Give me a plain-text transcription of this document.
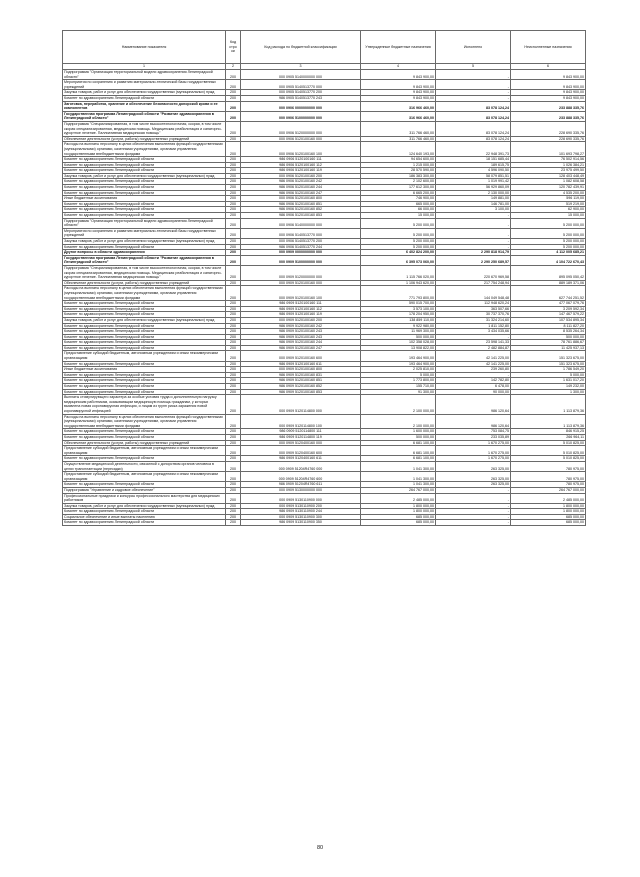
Наименование показателя	Код стро ки	Код расхода по бюджетной классификации	Утвержденные бюджетные назначения	Исполнено	Неисполненные назначения
1	2	3	4	5	6
Подпрограмма "Организация территориальной модели здравоохранения Ленинградской области"	200	000 0905 5140000000 000	9 843 900,00	-	9 843 900,00
Мероприятия по сохранению и развитию материально-технической базы государственных учреждений	200	000 0905 5140513770 000	9 843 900,00	-	9 843 900,00
Закупка товаров, работ и услуг для обеспечения государственных (муниципальных) нужд	200	000 0905 5140513770 200	9 843 900,00	-	9 843 900,00
Комитет по здравоохранению Ленинградской области	200	986 0905 5140513770 243	9 843 900,00	-	9 843 900,00
Заготовка, переработка, хранение и обеспечение безопасности донорской крови и ее компонентов	200	000 0906 0000000000 000	316 966 460,00	83 078 124,24	233 888 335,76
Государственная программа Ленинградской области "Развитие здравоохранения в Ленинградской области"	200	000 0906 5100000000 000	316 966 460,00	83 078 124,24	233 888 335,76
Подпрограмма "Специализированная, в том числе высокотехнологичная, скорая, в том числе скорая специализированная, медицинская помощь. Медицинская реабилитация и санаторно-курортное лечение. Паллиативная медицинская помощь"	200	000 0906 5120000000 000	311 766 460,00	83 078 124,24	228 690 335,76
Обеспечение деятельности (услуги, работы) государственных учреждений	200	000 0906 5120100160 000	311 766 460,00	83 078 124,24	228 690 335,76
Расходы на выплаты персоналу в целях обеспечения выполнения функций государственными (муниципальными) органами, казенными учреждениями, органами управления государственными внебюджетными фондами	200	000 0906 5120100160 100	124 640 193,00	22 948 391,73	101 693 798,27
Комитет по здравоохранению Ленинградской области	200	986 0906 5120100160 111	94 654 600,00	18 151 685,44	76 502 914,56
Комитет по здравоохранению Ленинградской области	200	986 0906 5120100160 112	1 215 000,00	189 615,75	1 026 384,21
Комитет по здравоохранению Ленинградской области	200	986 0906 5120100160 119	28 570 590,00	4 596 090,50	23 975 499,50
Закупка товаров, работ и услуг для обеспечения государственных (муниципальных) нужд	200	000 0906 5120100160 200	186 383 300,00	58 079 851,51	128 403 448,49
Комитет по здравоохранению Ленинградской области	200	986 0906 5120100160 242	2 102 600,00	1 019 991,42	1 082 608,58
Комитет по здравоохранению Ленинградской области	200	986 0906 5120100160 244	177 612 300,00	56 929 860,09	120 782 439,91
Комитет по здравоохранению Ленинградской области	200	986 0906 5120100160 247	6 665 200,00	2 130 000,00	4 535 200,00
Иные бюджетные ассигнования	200	000 0906 5120100160 800	746 900,00	149 881,00	596 119,00
Комитет по здравоохранению Ленинградской области	200	986 0906 5120100160 851	665 000,00	146 781,00	519 219,00
Комитет по здравоохранению Ленинградской области	200	986 0906 5120100160 852	66 000,00	3 100,00	62 900,00
Комитет по здравоохранению Ленинградской области	200	986 0906 5120100160 853	15 000,00	-	15 000,00
Подпрограмма "Организация территориальной модели здравоохранения Ленинградской области"	200	000 0906 5140000000 000	5 200 000,00	-	5 200 000,00
Мероприятия по сохранению и развитию материально-технической базы государственных учреждений	200	000 0906 5140513770 000	5 200 000,00	-	5 200 000,00
Закупка товаров, работ и услуг для обеспечения государственных (муниципальных) нужд	200	000 0906 5140513770 200	5 200 000,00	-	5 200 000,00
Комитет по здравоохранению Ленинградской области	200	986 0906 5140513770 244	5 200 000,00	-	5 200 000,00
Другие вопросы в области здравоохранения	200	000 0909 0000000000 000	6 402 824 200,00	2 290 818 914,79	4 112 005 685,21
Государственная программа Ленинградской области "Развитие здравоохранения в Ленинградской области"	200	000 0909 5100000000 000	6 395 073 060,00	2 290 250 689,57	4 104 722 670,43
Подпрограмма "Специализированная, в том числе высокотехнологичная, скорая, в том числе скорая специализированная, медицинская помощь. Медицинская реабилитация и санаторно-курортное лечение. Паллиативная медицинская помощь"	200	000 0909 5120000000 000	1 115 766 020,00	220 670 969,58	895 095 050,42
Обеспечение деятельности (услуги, работы) государственных учреждений	200	000 0909 5120100160 000	1 106 943 620,00	217 754 248,94	889 189 371,06
Расходы на выплаты персоналу в целях обеспечения выполнения функций государственными (муниципальными) органами, казенными учреждениями, органами управления государственными внебюджетными фондами	200	000 0909 5120100160 100	771 793 800,00	144 049 548,48	627 744 251,52
Комитет по здравоохранению Ленинградской области	200	986 0909 5120100160 111	590 015 700,00	112 948 620,24	477 067 079,76
Комитет по здравоохранению Ленинградской области	200	986 0909 5120100160 112	3 573 100,00	363 507,66	3 209 592,34
Комитет по здравоохранению Ленинградской области	200	986 0909 5120100160 119	178 204 950,00	30 737 370,76	147 467 579,22
Закупка товаров, работ и услуг для обеспечения государственных (муниципальных) нужд	200	000 0909 5120100160 200	138 859 110,00	31 324 214,60	107 534 895,34
Комитет по здравоохранению Ленинградской области	200	986 0909 5120100160 242	9 922 980,00	1 811 152,80	8 111 827,20
Комитет по здравоохранению Ленинградской области	200	986 0909 5120100160 243	11 969 300,00	3 434 035,66	8 535 264,34
Комитет по здравоохранению Ленинградской области	200	986 0909 5120100160 243	500 000,00	-	500 000,00
Комитет по здравоохранению Ленинградской области	200	986 0909 5120100160 244	102 358 028,00	23 598 141,33	78 761 886,67
Комитет по здравоохранению Ленинградской области	200	986 0909 5120100160 247	13 908 822,00	2 482 884,87	11 425 937,13
Предоставление субсидий бюджетным, автономным учреждениям и иным некоммерческим организациям	200	000 0909 5120100160 600	193 464 900,00	42 141 225,00	151 323 675,00
Комитет по здравоохранению Ленинградской области	200	986 0909 5120100160 611	193 464 900,00	42 141 225,00	151 323 675,00
Иные бюджетные ассигнования	200	000 0909 5120100160 800	2 025 810,00	239 260,80	1 786 549,20
Комитет по здравоохранению Ленинградской области	200	986 0909 5120100160 831	5 000,00	-	5 000,00
Комитет по здравоохранению Ленинградской области	200	986 0909 5120100160 851	1 773 800,00	142 782,80	1 631 017,20
Комитет по здравоохранению Ленинградской области	200	986 0909 5120100160 852	155 710,00	6 478,00	149 232,00
Комитет по здравоохранению Ленинградской области	200	986 0909 5120100160 853	91 300,00	90 000,00	1 300,00
Выплаты стимулирующего характера за особые условия труда и дополнительную нагрузку медицинским работникам, оказывающим медицинскую помощь гражданам, у которых выявлена новая коронавирусная инфекция, и лицам из групп риска заражения новой коронавирусной инфекцией	200	000 0909 5120114800 000	2 100 000,00	986 120,64	1 113 879,36
Расходы на выплаты персоналу в целях обеспечения выполнения функций государственными (муниципальными) органами, казенными учреждениями, органами управления государственными внебюджетными фондами	200	000 0909 5120114800 100	2 100 000,00	986 120,64	1 113 879,36
Комитет по здравоохранению Ленинградской области	200	986 0909 5120114800 111	1 600 000,00	753 084,75	846 915,25
Комитет по здравоохранению Ленинградской области	200	986 0909 5120114800 119	500 000,00	233 035,89	266 964,11
Обеспечение деятельности (услуги, работы) государственных учреждений	200	000 0909 5120400160 000	6 681 100,00	1 670 275,00	5 010 825,00
Предоставление субсидий бюджетным, автономным учреждениям и иным некоммерческим организациям	200	000 0909 5120400160 600	6 681 100,00	1 670 275,00	5 010 825,00
Комитет по здравоохранению Ленинградской области	200	986 0909 5120400160 611	6 681 100,00	1 670 275,00	5 010 825,00
Осуществление медицинской деятельности, связанной с донорством органов человека в целях трансплантации (пересадки)	200	000 0909 51204R4760 000	1 041 300,00	263 325,00	780 975,00
Предоставление субсидий бюджетным, автономным учреждениям и иным некоммерческим организациям	200	000 0909 51204R4760 600	1 041 300,00	263 325,00	780 975,00
Комитет по здравоохранению Ленинградской области	200	986 0909 51204R4760 611	1 041 300,00	263 325,00	780 975,00
Подпрограмма "Управление и кадровое обеспечение"	200	000 0909 5130000000 000	264 767 000,00	-	264 767 000,00
Профессиональные праздники и конкурсы профессионального мастерства для медицинских работников	200	000 0909 5130110900 000	2 485 000,00	-	2 485 000,00
Закупка товаров, работ и услуг для обеспечения государственных (муниципальных) нужд	200	000 0909 5130110900 200	1 800 000,00	-	1 800 000,00
Комитет по здравоохранению Ленинградской области	200	986 0909 5130110900 244	1 800 000,00	-	1 800 000,00
Социальное обеспечение и иные выплаты населению	200	000 0909 5130110900 300	685 000,00	-	685 000,00
Комитет по здравоохранению Ленинградской области	200	986 0909 5130110900 350	685 000,00	-	685 000,00
80
